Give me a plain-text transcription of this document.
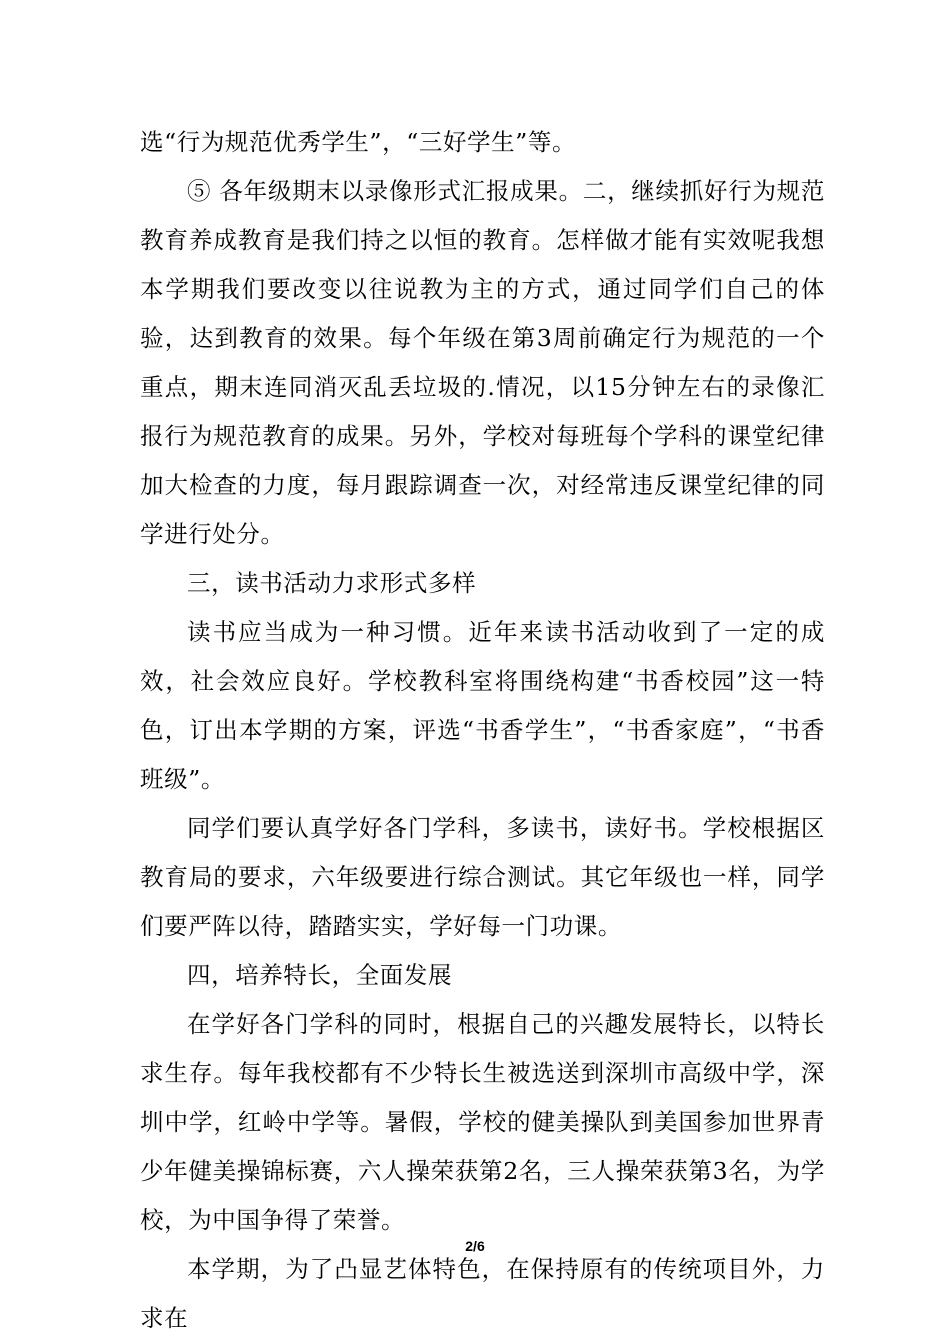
选“行为规范优秀学生”，“三好学生”等。

⑤ 各年级期末以录像形式汇报成果。二，继续抓好行为规范教育养成教育是我们持之以恒的教育。怎样做才能有实效呢我想本学期我们要改变以往说教为主的方式，通过同学们自己的体验，达到教育的效果。每个年级在第3周前确定行为规范的一个重点，期末连同消灭乱丢垃圾的.情况，以15分钟左右的录像汇报行为规范教育的成果。另外，学校对每班每个学科的课堂纪律加大检查的力度，每月跟踪调查一次，对经常违反课堂纪律的同学进行处分。

三，读书活动力求形式多样

读书应当成为一种习惯。近年来读书活动收到了一定的成效，社会效应良好。学校教科室将围绕构建“书香校园”这一特色，订出本学期的方案，评选“书香学生”，“书香家庭”，“书香班级”。

同学们要认真学好各门学科，多读书，读好书。学校根据区教育局的要求，六年级要进行综合测试。其它年级也一样，同学们要严阵以待，踏踏实实，学好每一门功课。

四，培养特长，全面发展

在学好各门学科的同时，根据自己的兴趣发展特长，以特长求生存。每年我校都有不少特长生被选送到深圳市高级中学，深圳中学，红岭中学等。暑假，学校的健美操队到美国参加世界青少年健美操锦标赛，六人操荣获第2名，三人操荣获第3名，为学校，为中国争得了荣誉。

本学期，为了凸显艺体特色，在保持原有的传统项目外，力求在

2/6
